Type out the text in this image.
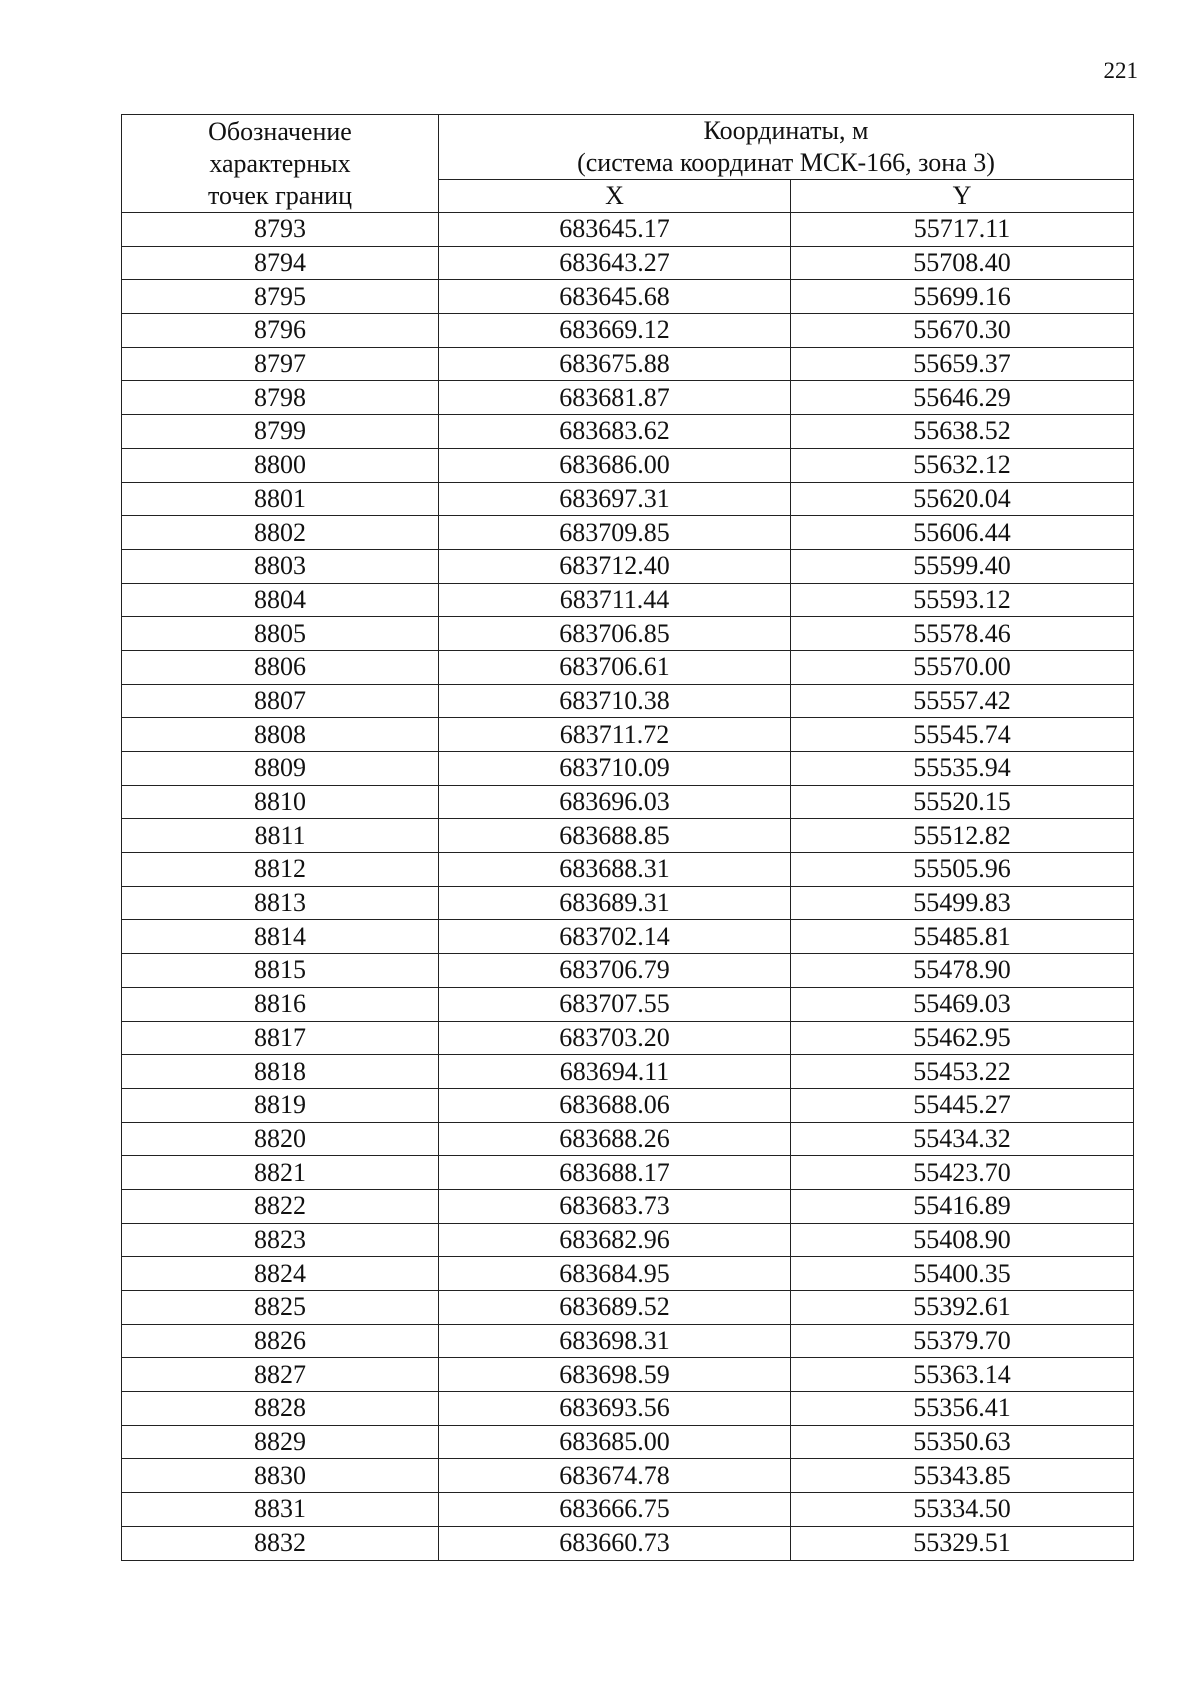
221
Обозначение
характерных
точек границ	Координаты, м
(система координат МСК-166, зона 3)	

	X	Y
8793	683645.17	55717.11
8794	683643.27	55708.40
8795	683645.68	55699.16
8796	683669.12	55670.30
8797	683675.88	55659.37
8798	683681.87	55646.29
8799	683683.62	55638.52
8800	683686.00	55632.12
8801	683697.31	55620.04
8802	683709.85	55606.44
8803	683712.40	55599.40
8804	683711.44	55593.12
8805	683706.85	55578.46
8806	683706.61	55570.00
8807	683710.38	55557.42
8808	683711.72	55545.74
8809	683710.09	55535.94
8810	683696.03	55520.15
8811	683688.85	55512.82
8812	683688.31	55505.96
8813	683689.31	55499.83
8814	683702.14	55485.81
8815	683706.79	55478.90
8816	683707.55	55469.03
8817	683703.20	55462.95
8818	683694.11	55453.22
8819	683688.06	55445.27
8820	683688.26	55434.32
8821	683688.17	55423.70
8822	683683.73	55416.89
8823	683682.96	55408.90
8824	683684.95	55400.35
8825	683689.52	55392.61
8826	683698.31	55379.70
8827	683698.59	55363.14
8828	683693.56	55356.41
8829	683685.00	55350.63
8830	683674.78	55343.85
8831	683666.75	55334.50
8832	683660.73	55329.51
